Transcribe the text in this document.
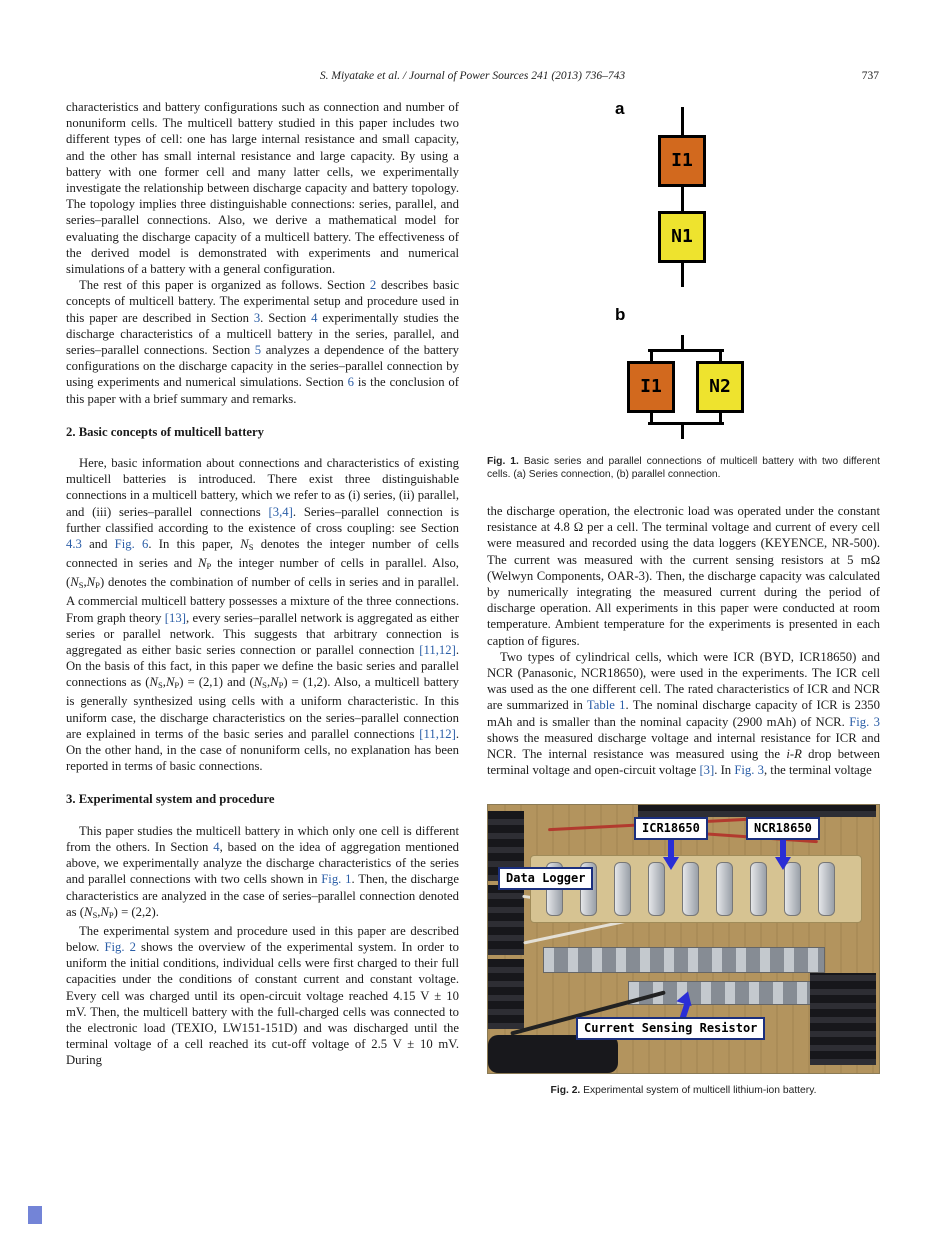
S. Miyatake et al. / Journal of Power Sources 241 (2013) 736–743	737

characteristics and battery configurations such as connection and number of nonuniform cells. The multicell battery studied in this paper includes two different types of cell: one has large internal resistance and small capacity, and the other has small internal resistance and large capacity. By using a battery with one former cell and many latter cells, we experimentally investigate the relationship between discharge capacity and battery topology. The topology implies three distinguishable connections: series, parallel, and series–parallel connections. Also, we derive a mathematical model for evaluating the discharge capacity of a multicell battery. The effectiveness of the derived model is demonstrated with experiments and numerical simulations of a battery with a general configuration.

The rest of this paper is organized as follows. Section 2 describes basic concepts of multicell battery. The experimental setup and procedure used in this paper are described in Section 3. Section 4 experimentally studies the discharge characteristics of a multicell battery in the series, parallel, and series–parallel connections. Section 5 analyzes a dependence of the battery configurations on the discharge capacity in the series–parallel connection by using experiments and numerical simulations. Section 6 is the conclusion of this paper with a brief summary and remarks.

2. Basic concepts of multicell battery

Here, basic information about connections and characteristics of existing multicell batteries is introduced. There exist three distinguishable connections in a multicell battery, which we refer to as (i) series, (ii) parallel, and (iii) series–parallel connections [3,4]. Series–parallel connection is further classified according to the existence of cross coupling: see Section 4.3 and Fig. 6. In this paper, $N_S$ denotes the integer number of cells connected in series and $N_P$ the integer number of cells in parallel. Also, $(N_S,N_P)$ denotes the combination of number of cells in series and in parallel. A commercial multicell battery possesses a mixture of the three connections. From graph theory [13], every series–parallel network is aggregated as either series or parallel network. This suggests that arbitrary connection is aggregated as either basic series connection or parallel connection [11,12]. On the basis of this fact, in this paper we define the basic series and parallel connections as $(N_S,N_P) = (2,1)$ and $(N_S,N_P) = (1,2)$. Also, a multicell battery is generally synthesized using cells with a uniform characteristic. In this uniform case, the discharge characteristics on the series–parallel connection are explained in terms of the basic series and parallel connections [11,12]. On the other hand, in the case of nonuniform cells, no explanation has been reported in terms of basic connections.

3. Experimental system and procedure

This paper studies the multicell battery in which only one cell is different from the others. In Section 4, based on the idea of aggregation mentioned above, we experimentally analyze the discharge characteristics of the series and parallel connections with two cells shown in Fig. 1. Then, the discharge characteristics are analyzed in the case of series–parallel connection denoted as $(N_S,N_P) = (2,2)$.

The experimental system and procedure used in this paper are described below. Fig. 2 shows the overview of the experimental system. In order to uniform the initial conditions, individual cells were first charged to their full capacities under the conditions of constant current and constant voltage. Every cell was charged until its open-circuit voltage reached 4.15 V ± 10 mV. Then, the multicell battery with the full-charged cells was connected to the electronic load (TEXIO, LW151-151D) and was discharged until the terminal voltage of a cell reached its cut-off voltage of 2.5 V ± 10 mV. During

a
I1
N1
b
I1	N2
Fig. 1. Basic series and parallel connections of multicell battery with two different cells. (a) Series connection, (b) parallel connection.

the discharge operation, the electronic load was operated under the constant resistance at 4.8 Ω per a cell. The terminal voltage and current of every cell were measured and recorded using the data loggers (KEYENCE, NR-500). The current was measured with the current sensing resistors at 5 mΩ (Welwyn Components, OAR-3). Then, the discharge capacity was calculated by numerically integrating the measured current during the period of discharge operation. All experiments in this paper were conducted at room temperature. Ambient temperature for the experiments is presented in each caption of figures.

Two types of cylindrical cells, which were ICR (BYD, ICR18650) and NCR (Panasonic, NCR18650), were used in the experiments. The ICR cell was used as the one different cell. The rated characteristics of ICR and NCR are summarized in Table 1. The nominal discharge capacity of ICR is 2350 mAh and is smaller than the nominal capacity (2900 mAh) of NCR. Fig. 3 shows the measured discharge voltage and internal resistance for ICR and NCR. The internal resistance was measured using the i-R drop between terminal voltage and open-circuit voltage [3]. In Fig. 3, the terminal voltage

ICR18650	NCR18650
Data Logger
Current Sensing Resistor
Fig. 2. Experimental system of multicell lithium-ion battery.
